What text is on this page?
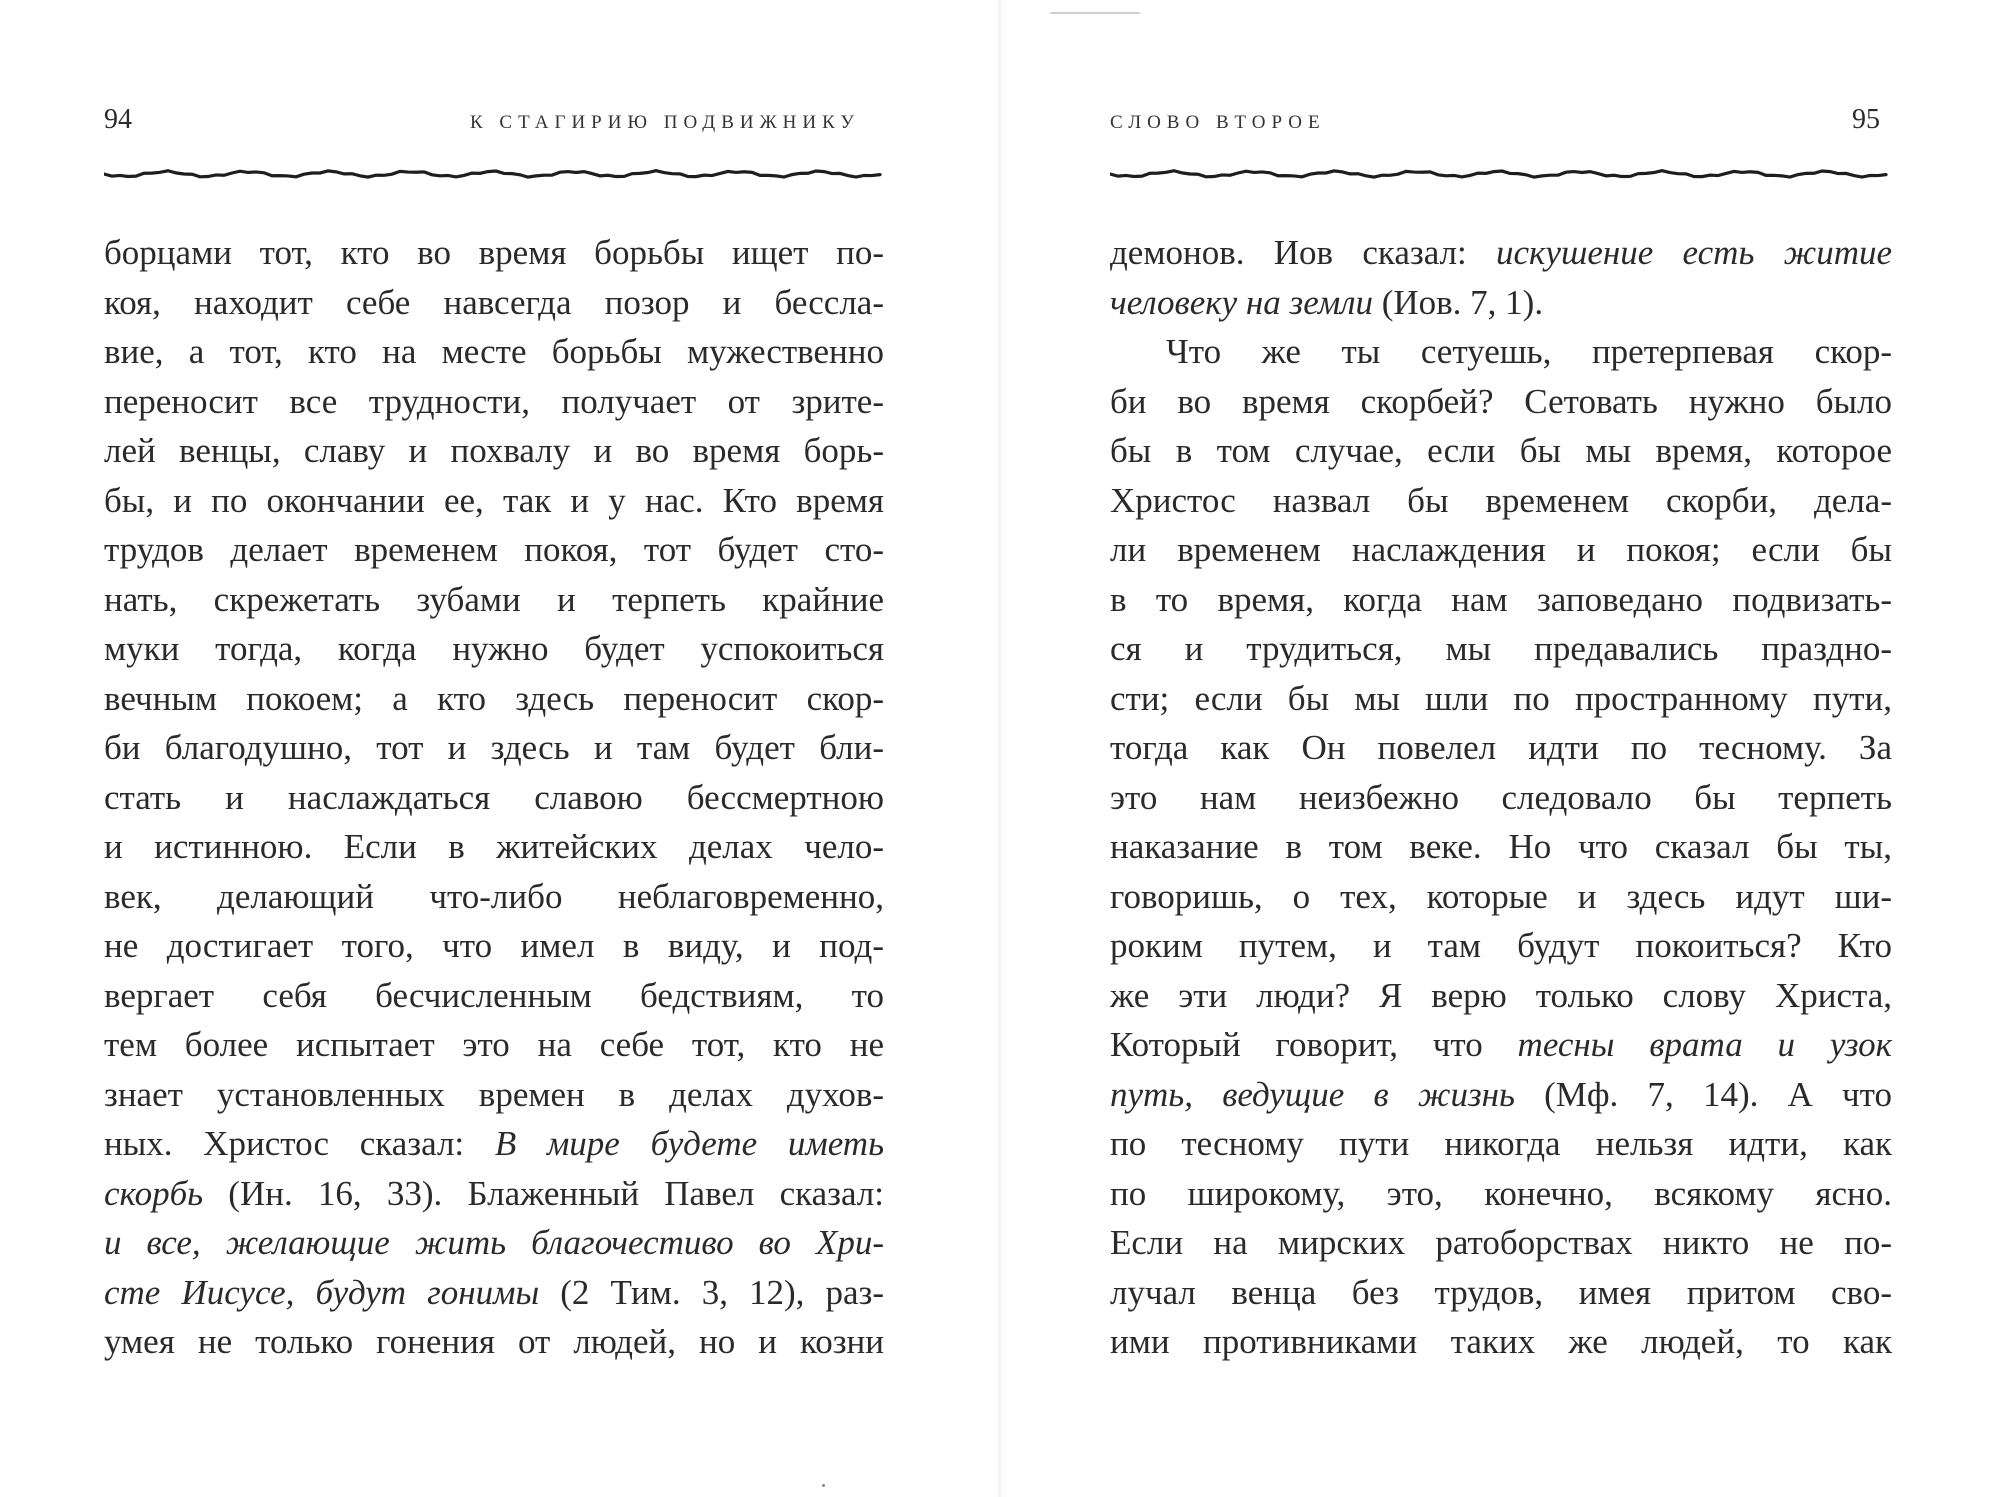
94	К СТАГИРИЮ ПОДВИЖНИКУ
борцами тот, кто во время борьбы ищет по-
коя, находит себе навсегда позор и бесcла-
вие, а тот, кто на месте борьбы мужественно
переносит все трудности, получает от зрите-
лей венцы, славу и похвалу и во время борь-
бы, и по окончании ее, так и у нас. Кто время
трудов делает временем покоя, тот будет сто-
нать, скрежетать зубами и терпеть крайние
муки тогда, когда нужно будет успокоиться
вечным покоем; а кто здесь переносит скор-
би благодушно, тот и здесь и там будет бли-
стать и наслаждаться славою бессмертною
и истинною. Если в житейских делах чело-
век, делающий что-либо неблаговременно,
не достигает того, что имел в виду, и под-
вергает себя бесчисленным бедствиям, то
тем более испытает это на себе тот, кто не
знает установленных времен в делах духов-
ных. Христос сказал: В мире будете иметь
скорбь (Ин. 16, 33). Блаженный Павел сказал:
и все, желающие жить благочестиво во Хри-
сте Иисусе, будут гонимы (2 Тим. 3, 12), раз-
умея не только гонения от людей, но и козни
СЛОВО ВТОРОЕ	95
демонов. Иов сказал: искушение есть житие
человеку на земли (Иов. 7, 1).
Что же ты сетуешь, претерпевая скор-
би во время скорбей? Сетовать нужно было
бы в том случае, если бы мы время, которое
Христос назвал бы временем скорби, дела-
ли временем наслаждения и покоя; если бы
в то время, когда нам заповедано подвизать-
ся и трудиться, мы предавались праздно-
сти; если бы мы шли по пространному пути,
тогда как Он повелел идти по тесному. За
это нам неизбежно следовало бы терпеть
наказание в том веке. Но что сказал бы ты,
говоришь, о тех, которые и здесь идут ши-
роким путем, и там будут покоиться? Кто
же эти люди? Я верю только слову Христа,
Который говорит, что тесны врата и узок
путь, ведущие в жизнь (Мф. 7, 14). А что
по тесному пути никогда нельзя идти, как
по широкому, это, конечно, всякому ясно.
Если на мирских ратоборствах никто не по-
лучал венца без трудов, имея притом сво-
ими противниками таких же людей, то как
